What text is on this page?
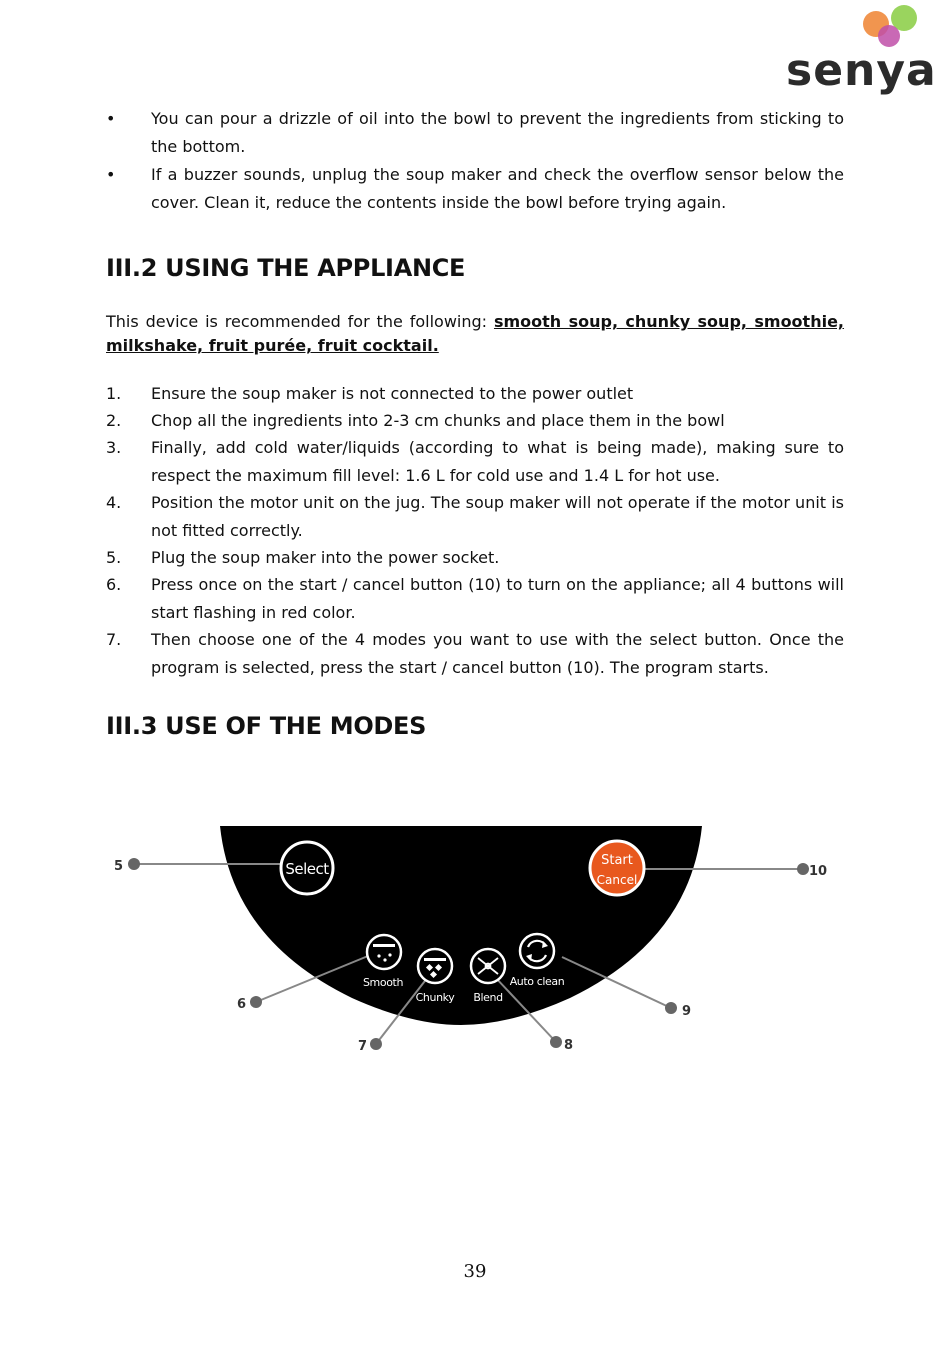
senya
• You can pour a drizzle of oil into the bowl to prevent the ingredients from sticking to the bottom.
• If a buzzer sounds, unplug the soup maker and check the overflow sensor below the cover. Clean it, reduce the contents inside the bowl before trying again.
III.2 USING THE APPLIANCE
This device is recommended for the following: smooth soup, chunky soup, smoothie, milkshake, fruit purée, fruit cocktail.
1. Ensure the soup maker is not connected to the power outlet
2. Chop all the ingredients into 2-3 cm chunks and place them in the bowl
3. Finally, add cold water/liquids (according to what is being made), making sure to respect the maximum fill level: 1.6 L for cold use and 1.4 L for hot use.
4. Position the motor unit on the jug. The soup maker will not operate if the motor unit is not fitted correctly.
5. Plug the soup maker into the power socket.
6. Press once on the start / cancel button (10) to turn on the appliance; all 4 buttons will start flashing in red color.
7. Then choose one of the 4 modes you want to use with the select button. Once the program is selected, press the start / cancel button (10). The program starts.
III.3 USE OF THE MODES
5
6
7	8
9
10
Select	Start
Cancel
Smooth
Chunky Blend
Auto clean
39
